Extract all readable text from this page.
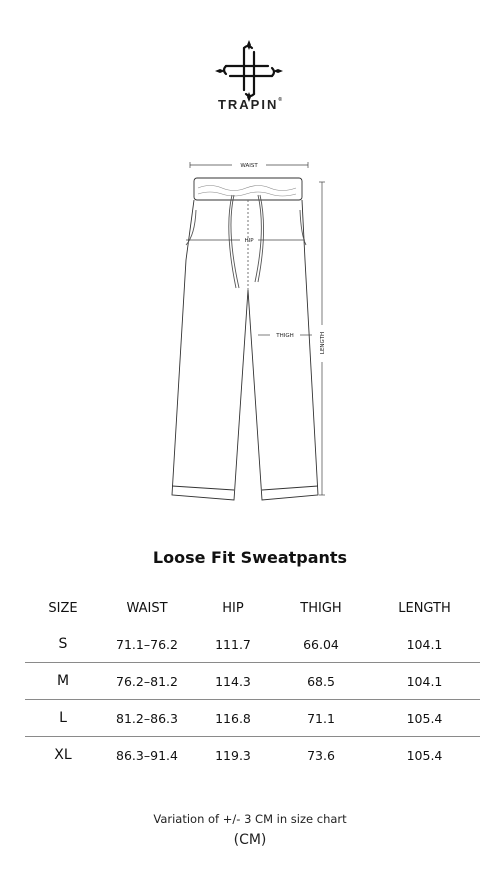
TRAPIN®
WAIST
HIP
THIGH	LENGTH
Loose Fit Sweatpants
SIZE	WAIST	HIP	THIGH	LENGTH
S	71.1–76.2	111.7	66.04	104.1
M	76.2–81.2	114.3	68.5	104.1
L	81.2–86.3	116.8	71.1	105.4
XL	86.3–91.4	119.3	73.6	105.4
Variation of +/- 3 CM in size chart
(CM)
